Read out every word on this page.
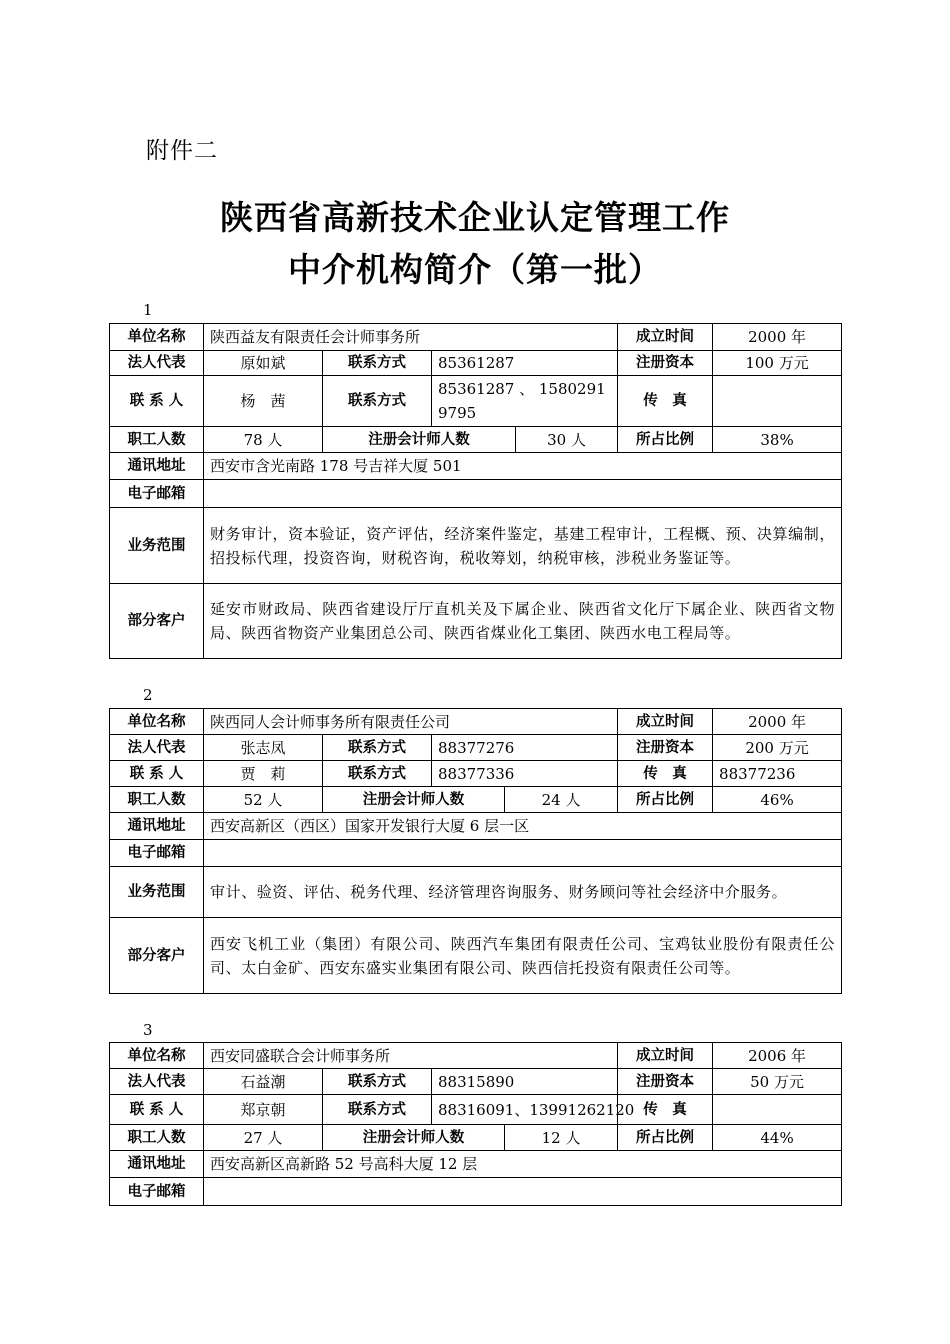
附件二
陕西省高新技术企业认定管理工作
中介机构简介（第一批）
1
单位名称	陕西益友有限责任会计师事务所				成立时间	2000 年
法人代表	原如斌	联系方式	85361287		注册资本	100 万元
联 系 人	杨　茜	联系方式	85361287 、 15802919795		传　真	
职工人数	78 人	注册会计师人数		30 人	所占比例	38%
通讯地址	西安市含光南路 178 号吉祥大厦 501					
电子邮箱						
业务范围	财务审计，资本验证，资产评估，经济案件鉴定，基建工程审计，工程概、预、决算编制，招投标代理，投资咨询，财税咨询，税收筹划，纳税审核，涉税业务鉴证等。					
部分客户	延安市财政局、陕西省建设厅厅直机关及下属企业、陕西省文化厅下属企业、陕西省文物局、陕西省物资产业集团总公司、陕西省煤业化工集团、陕西水电工程局等。					
2
单位名称	陕西同人会计师事务所有限责任公司				成立时间	2000 年
法人代表	张志凤	联系方式	88377276		注册资本	200 万元
联 系 人	贾　莉	联系方式	88377336		传　真	88377236
职工人数	52 人	注册会计师人数		24 人	所占比例	46%
通讯地址	西安高新区（西区）国家开发银行大厦 6 层一区					
电子邮箱						
业务范围	审计、验资、评估、税务代理、经济管理咨询服务、财务顾问等社会经济中介服务。					
部分客户	西安飞机工业（集团）有限公司、陕西汽车集团有限责任公司、宝鸡钛业股份有限责任公司、太白金矿、西安东盛实业集团有限公司、陕西信托投资有限责任公司等。					
3
单位名称	西安同盛联合会计师事务所				成立时间	2006 年
法人代表	石益潮	联系方式	88315890		注册资本	50 万元
联 系 人	郑京朝	联系方式	88316091、13991262120		传　真	
职工人数	27 人	注册会计师人数		12 人	所占比例	44%
通讯地址	西安高新区高新路 52 号高科大厦 12 层					
电子邮箱						
